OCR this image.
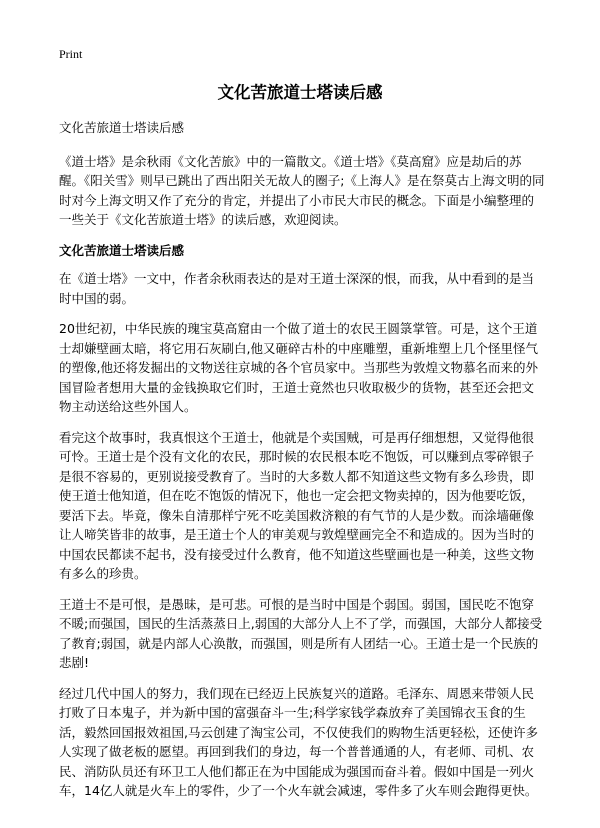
Print
文化苦旅道士塔读后感

文化苦旅道士塔读后感

《道士塔》是余秋雨《文化苦旅》中的一篇散文。《道士塔》《莫高窟》应是劫后的苏醒。《阳关雪》则早已跳出了西出阳关无故人的圈子;《上海人》是在祭莫古上海文明的同时对今上海文明又作了充分的肯定，并提出了小市民大市民的概念。下面是小编整理的一些关于《文化苦旅道士塔》的读后感，欢迎阅读。

文化苦旅道士塔读后感

在《道士塔》一文中，作者余秋雨表达的是对王道士深深的恨，而我，从中看到的是当时中国的弱。

20世纪初，中华民族的瑰宝莫高窟由一个做了道士的农民王圆箓掌管。可是，这个王道士却嫌壁画太暗，将它用石灰刷白,他又砸碎古朴的中座雕塑，重新堆塑上几个怪里怪气的塑像,他还将发掘出的文物送往京城的各个官员家中。当那些为敦煌文物慕名而来的外国冒险者想用大量的金钱换取它们时，王道士竟然也只收取极少的货物，甚至还会把文物主动送给这些外国人。

看完这个故事时，我真恨这个王道士，他就是个卖国贼，可是再仔细想想，又觉得他很可怜。王道士是个没有文化的农民，那时候的农民根本吃不饱饭，可以赚到点零碎银子是很不容易的，更别说接受教育了。当时的大多数人都不知道这些文物有多么珍贵，即使王道士他知道，但在吃不饱饭的情况下，他也一定会把文物卖掉的，因为他要吃饭，要活下去。毕竟，像朱自清那样宁死不吃美国救济粮的有气节的人是少数。而涂墙砸像让人啼笑皆非的故事，是王道士个人的审美观与敦煌壁画完全不和造成的。因为当时的中国农民都读不起书，没有接受过什么教育，他不知道这些壁画也是一种美，这些文物有多么的珍贵。

王道士不是可恨，是愚昧，是可悲。可恨的是当时中国是个弱国。弱国，国民吃不饱穿不暖;而强国，国民的生活蒸蒸日上,弱国的大部分人上不了学，而强国，大部分人都接受了教育;弱国，就是内部人心涣散，而强国，则是所有人团结一心。王道士是一个民族的悲剧!

经过几代中国人的努力，我们现在已经迈上民族复兴的道路。毛泽东、周恩来带领人民打败了日本鬼子，并为新中国的富强奋斗一生;科学家钱学森放弃了美国锦衣玉食的生活，毅然回国报效祖国,马云创建了淘宝公司，不仅使我们的购物生活更轻松，还使许多人实现了做老板的愿望。再回到我们的身边，每一个普普通通的人，有老师、司机、农民、消防队员还有环卫工人他们都正在为中国能成为强国而奋斗着。假如中国是一列火车，14亿人就是火车上的零件，少了一个火车就会减速，零件多了火车则会跑得更快。
